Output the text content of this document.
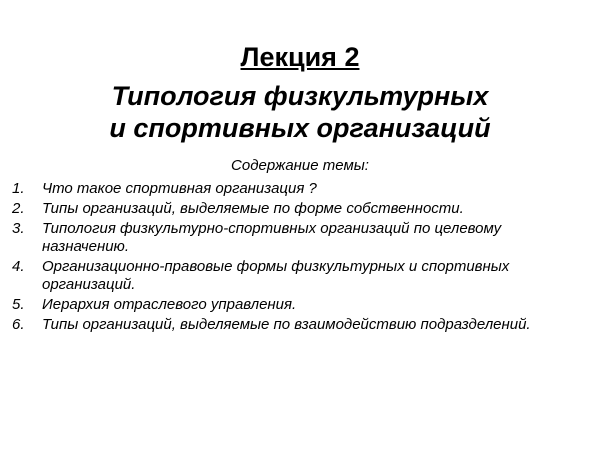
Лекция 2
Типология физкультурных
и спортивных организаций
Содержание темы:
1.	Что такое спортивная организация ?
2.	Типы организаций, выделяемые по форме собственности.
3.	Типология физкультурно-спортивных организаций по целевому назначению.
4.	Организационно-правовые формы физкультурных и спортивных организаций.
5.	Иерархия отраслевого управления.
6.	Типы организаций, выделяемые по взаимодействию подразделений.
